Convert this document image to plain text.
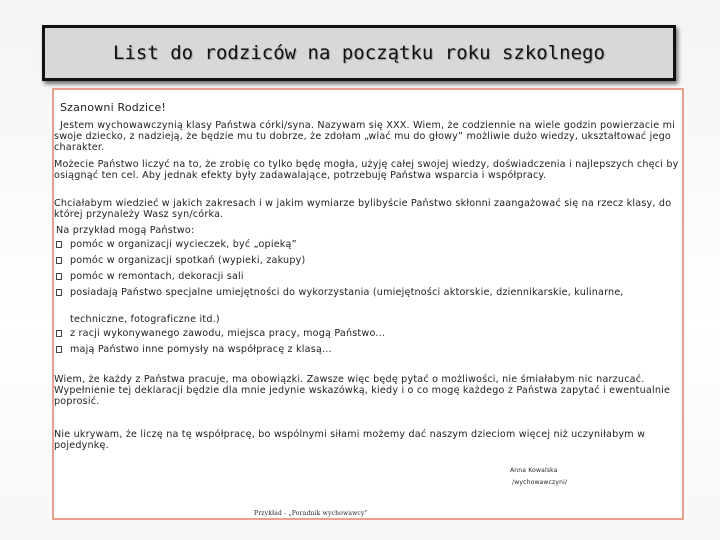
List do rodziców na początku roku szkolnego
Szanowni Rodzice!
Jestem wychowawczynią klasy Państwa córki/syna. Nazywam się XXX. Wiem, że codziennie na wiele godzin powierzacie mi swoje dziecko, z nadzieją, że będzie mu tu dobrze, że zdołam „wlać mu do głowy” możliwie dużo wiedzy, ukształtować jego charakter.
Możecie Państwo liczyć na to, że zrobię co tylko będę mogła, użyję całej swojej wiedzy, doświadczenia i najlepszych chęci by osiągnąć ten cel. Aby jednak efekty były zadawalające, potrzebuję Państwa wsparcia i współpracy.
Chciałabym wiedzieć w jakich zakresach i w jakim wymiarze bylibyście Państwo skłonni zaangażować się na rzecz klasy, do której przynależy Wasz syn/córka.
Na przykład mogą Państwo:
pomóc w organizacji wycieczek, być „opieką”
pomóc w organizacji spotkań (wypieki, zakupy)
pomóc w remontach, dekoracji sali
posiadają Państwo specjalne umiejętności do wykorzystania (umiejętności aktorskie, dziennikarskie, kulinarne,
techniczne, fotograficzne itd.)
z racji wykonywanego zawodu, miejsca pracy, mogą Państwo...
mają Państwo inne pomysły na współpracę z klasą...
Wiem, że każdy z Państwa pracuje, ma obowiązki. Zawsze więc będę pytać o możliwości, nie śmiałabym nic narzucać. Wypełnienie tej deklaracji będzie dla mnie jedynie wskazówką, kiedy i o co mogę każdego z Państwa zapytać i ewentualnie poprosić.
Nie ukrywam, że liczę na tę współpracę, bo wspólnymi siłami możemy dać naszym dzieciom więcej niż uczyniłabym w pojedynkę.
Anna Kowalska
/wychowawczyni/
Przykład - „Poradnik wychowawcy”
